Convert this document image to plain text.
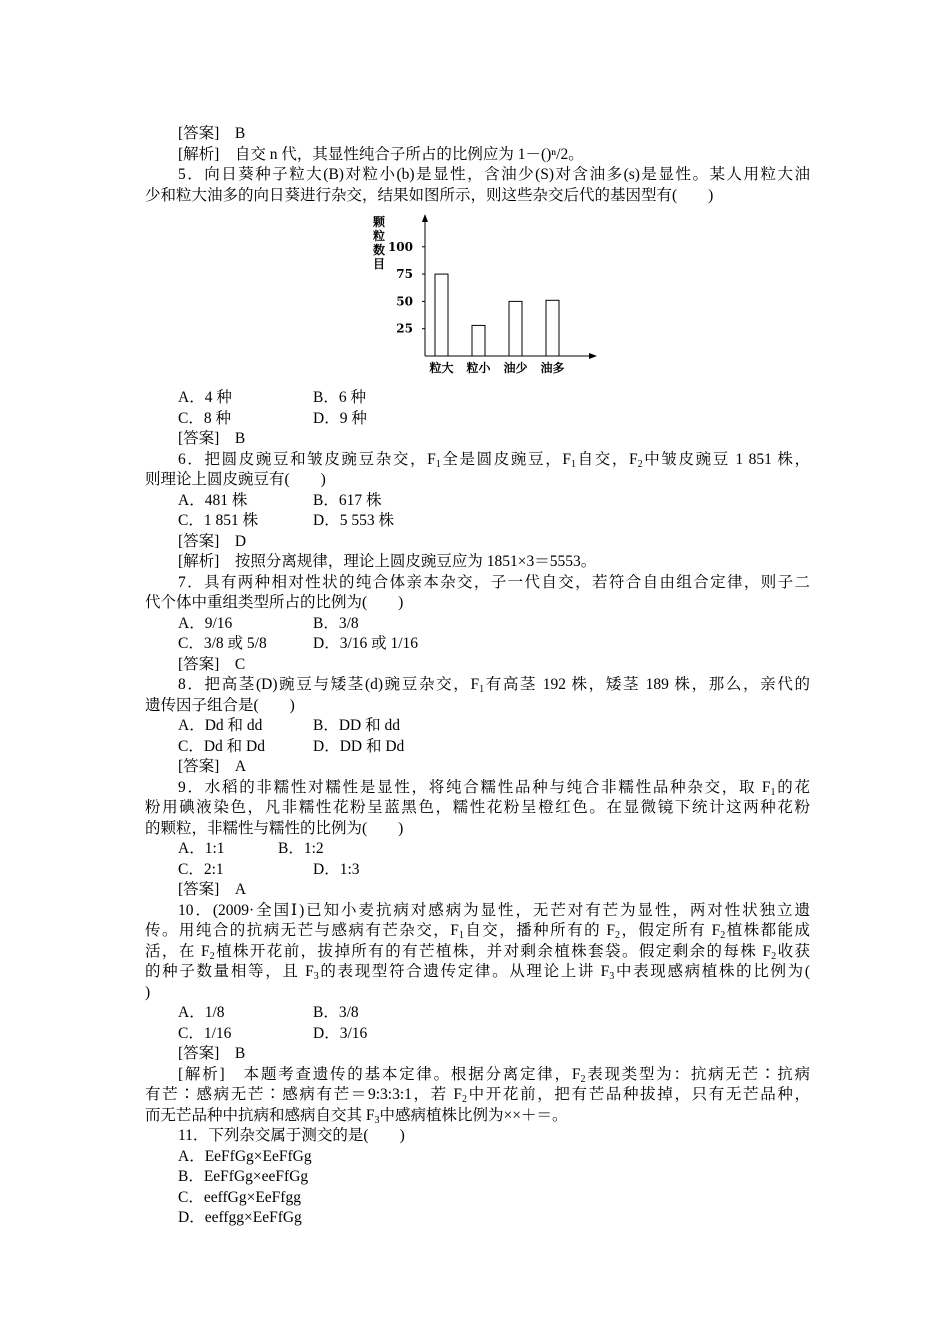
[答案]　B
[解析]　自交 n 代，其显性纯合子所占的比例应为 1－()ⁿ/2。
5．向日葵种子粒大(B)对粒小(b)是显性，含油少(S)对含油多(s)是显性。某人用粒大油
少和粒大油多的向日葵进行杂交，结果如图所示，则这些杂交后代的基因型有(　　)
颗
粒
数
目
25
50
75
100
粒大 粒小 油少 油多
A．4 种	B．6 种
C．8 种	D．9 种
[答案]　B
6．把圆皮豌豆和皱皮豌豆杂交，$F_1$全是圆皮豌豆，$F_1$自交，$F_2$中皱皮豌豆 1 851 株，
则理论上圆皮豌豆有(　　)
A．481 株	B．617 株
C．1 851 株	D．5 553 株
[答案]　D
[解析]　按照分离规律，理论上圆皮豌豆应为 1851×3＝5553。
7．具有两种相对性状的纯合体亲本杂交，子一代自交，若符合自由组合定律，则子二
代个体中重组类型所占的比例为(　　)
A．9/16	B．3/8
C．3/8 或 5/8	D．3/16 或 1/16
[答案]　C
8．把高茎(D)豌豆与矮茎(d)豌豆杂交，$F_1$有高茎 192 株，矮茎 189 株，那么，亲代的
遗传因子组合是(　　)
A．Dd 和 dd	B．DD 和 dd
C．Dd 和 Dd	D．DD 和 Dd
[答案]　A
9．水稻的非糯性对糯性是显性，将纯合糯性品种与纯合非糯性品种杂交，取 $F_1$的花
粉用碘液染色，凡非糯性花粉呈蓝黑色，糯性花粉呈橙红色。在显微镜下统计这两种花粉
的颗粒，非糯性与糯性的比例为(　　)
A．1:1	B．1:2
C．2:1	D．1:3
[答案]　A
10．(2009·全国Ⅰ)已知小麦抗病对感病为显性，无芒对有芒为显性，两对性状独立遗
传。用纯合的抗病无芒与感病有芒杂交，$F_1$自交，播种所有的 $F_2$，假定所有 $F_2$植株都能成
活，在 $F_2$植株开花前，拔掉所有的有芒植株，并对剩余植株套袋。假定剩余的每株 $F_2$收获
的种子数量相等，且 $F_3$的表现型符合遗传定律。从理论上讲 $F_3$中表现感病植株的比例为(
)
A．1/8	B．3/8
C．1/16	D．3/16
[答案]　B
[解析]　本题考查遗传的基本定律。根据分离定律，$F_2$表现类型为：抗病无芒∶抗病
有芒∶感病无芒∶感病有芒＝9:3:3:1，若 $F_2$中开花前，把有芒品种拔掉，只有无芒品种，
而无芒品种中抗病和感病自交其 $F_3$中感病植株比例为××＋＝。
11．下列杂交属于测交的是(　　)
A．EeFfGg×EeFfGg
B．EeFfGg×eeFfGg
C．eeffGg×EeFfgg
D．eeffgg×EeFfGg
